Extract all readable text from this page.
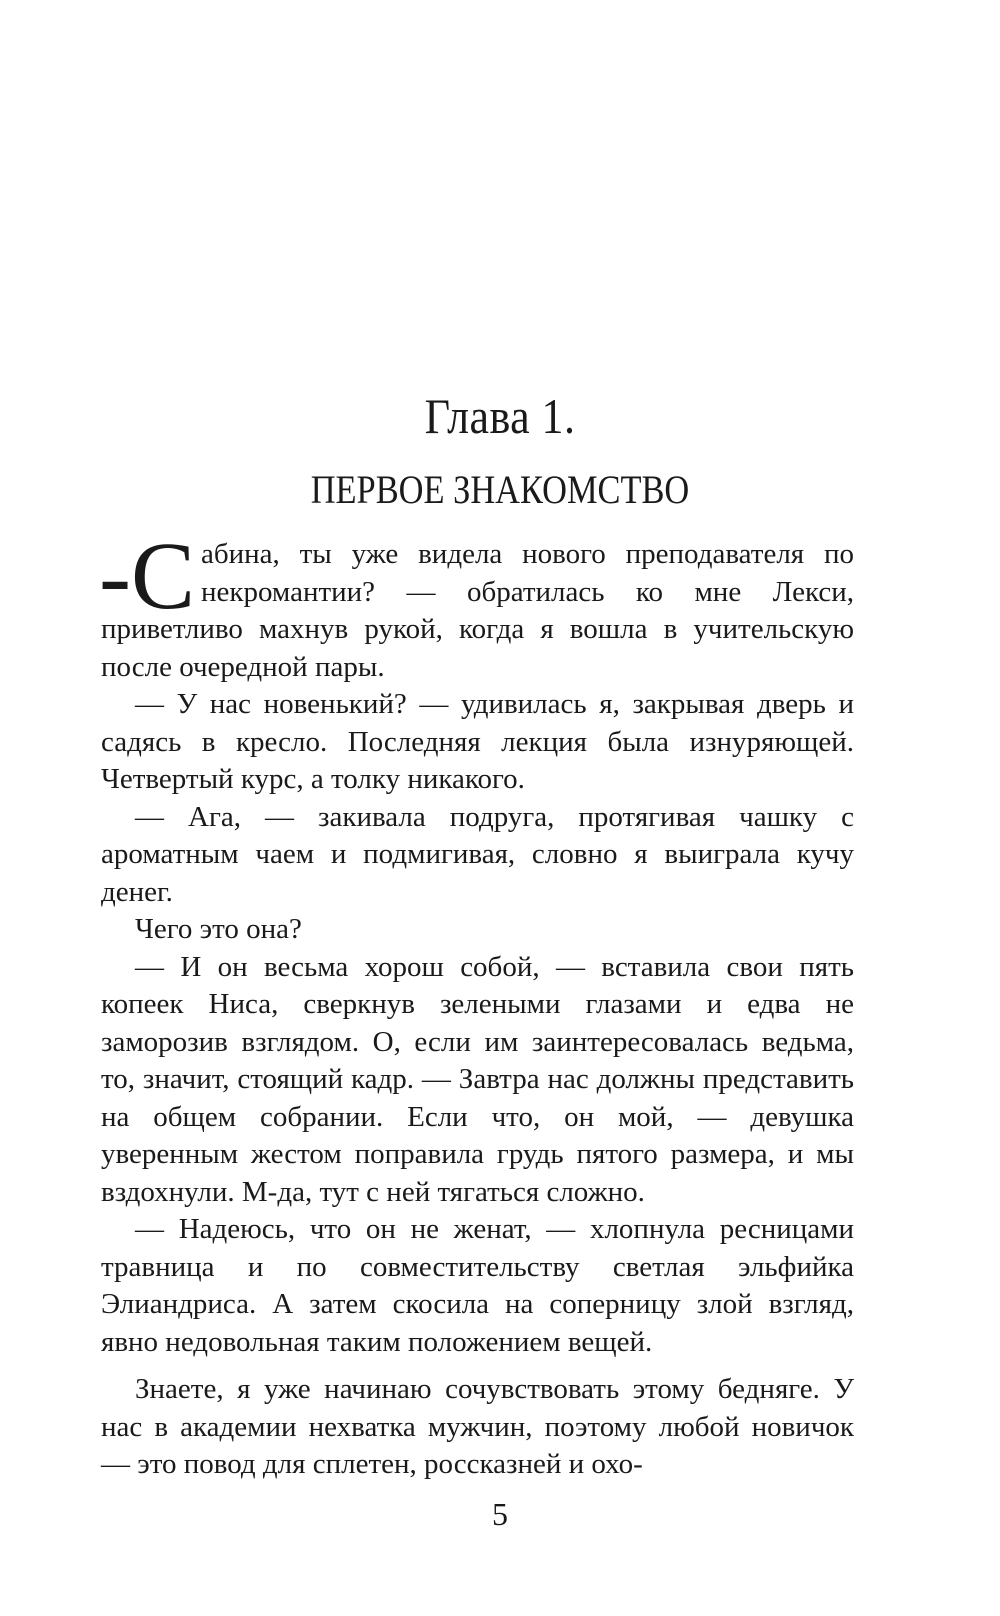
Глава 1.
ПЕРВОЕ ЗНАКОМСТВО

-С абина, ты уже видела нового преподавателя по некромантии? — обратилась ко мне Лекси, приветливо махнув рукой, когда я вошла в учительскую после очередной пары.

— У нас новенький? — удивилась я, закрывая дверь и садясь в кресло. Последняя лекция была изнуряющей. Четвертый курс, а толку никакого.

— Ага, — закивала подруга, протягивая чашку с ароматным чаем и подмигивая, словно я выиграла кучу денег.

Чего это она?

— И он весьма хорош собой, — вставила свои пять копеек Ниса, сверкнув зелеными глазами и едва не заморозив взглядом. О, если им заинтересовалась ведьма, то, значит, стоящий кадр. — Завтра нас должны представить на общем собрании. Если что, он мой, — девушка уверенным жестом поправила грудь пятого размера, и мы вздохнули. М-да, тут с ней тягаться сложно.

— Надеюсь, что он не женат, — хлопнула ресницами травница и по совместительству светлая эльфийка Элиандриса. А затем скосила на соперницу злой взгляд, явно недовольная таким положением вещей.

Знаете, я уже начинаю сочувствовать этому бедняге. У нас в академии нехватка мужчин, поэтому любой новичок — это повод для сплетен, россказней и охо-

5
